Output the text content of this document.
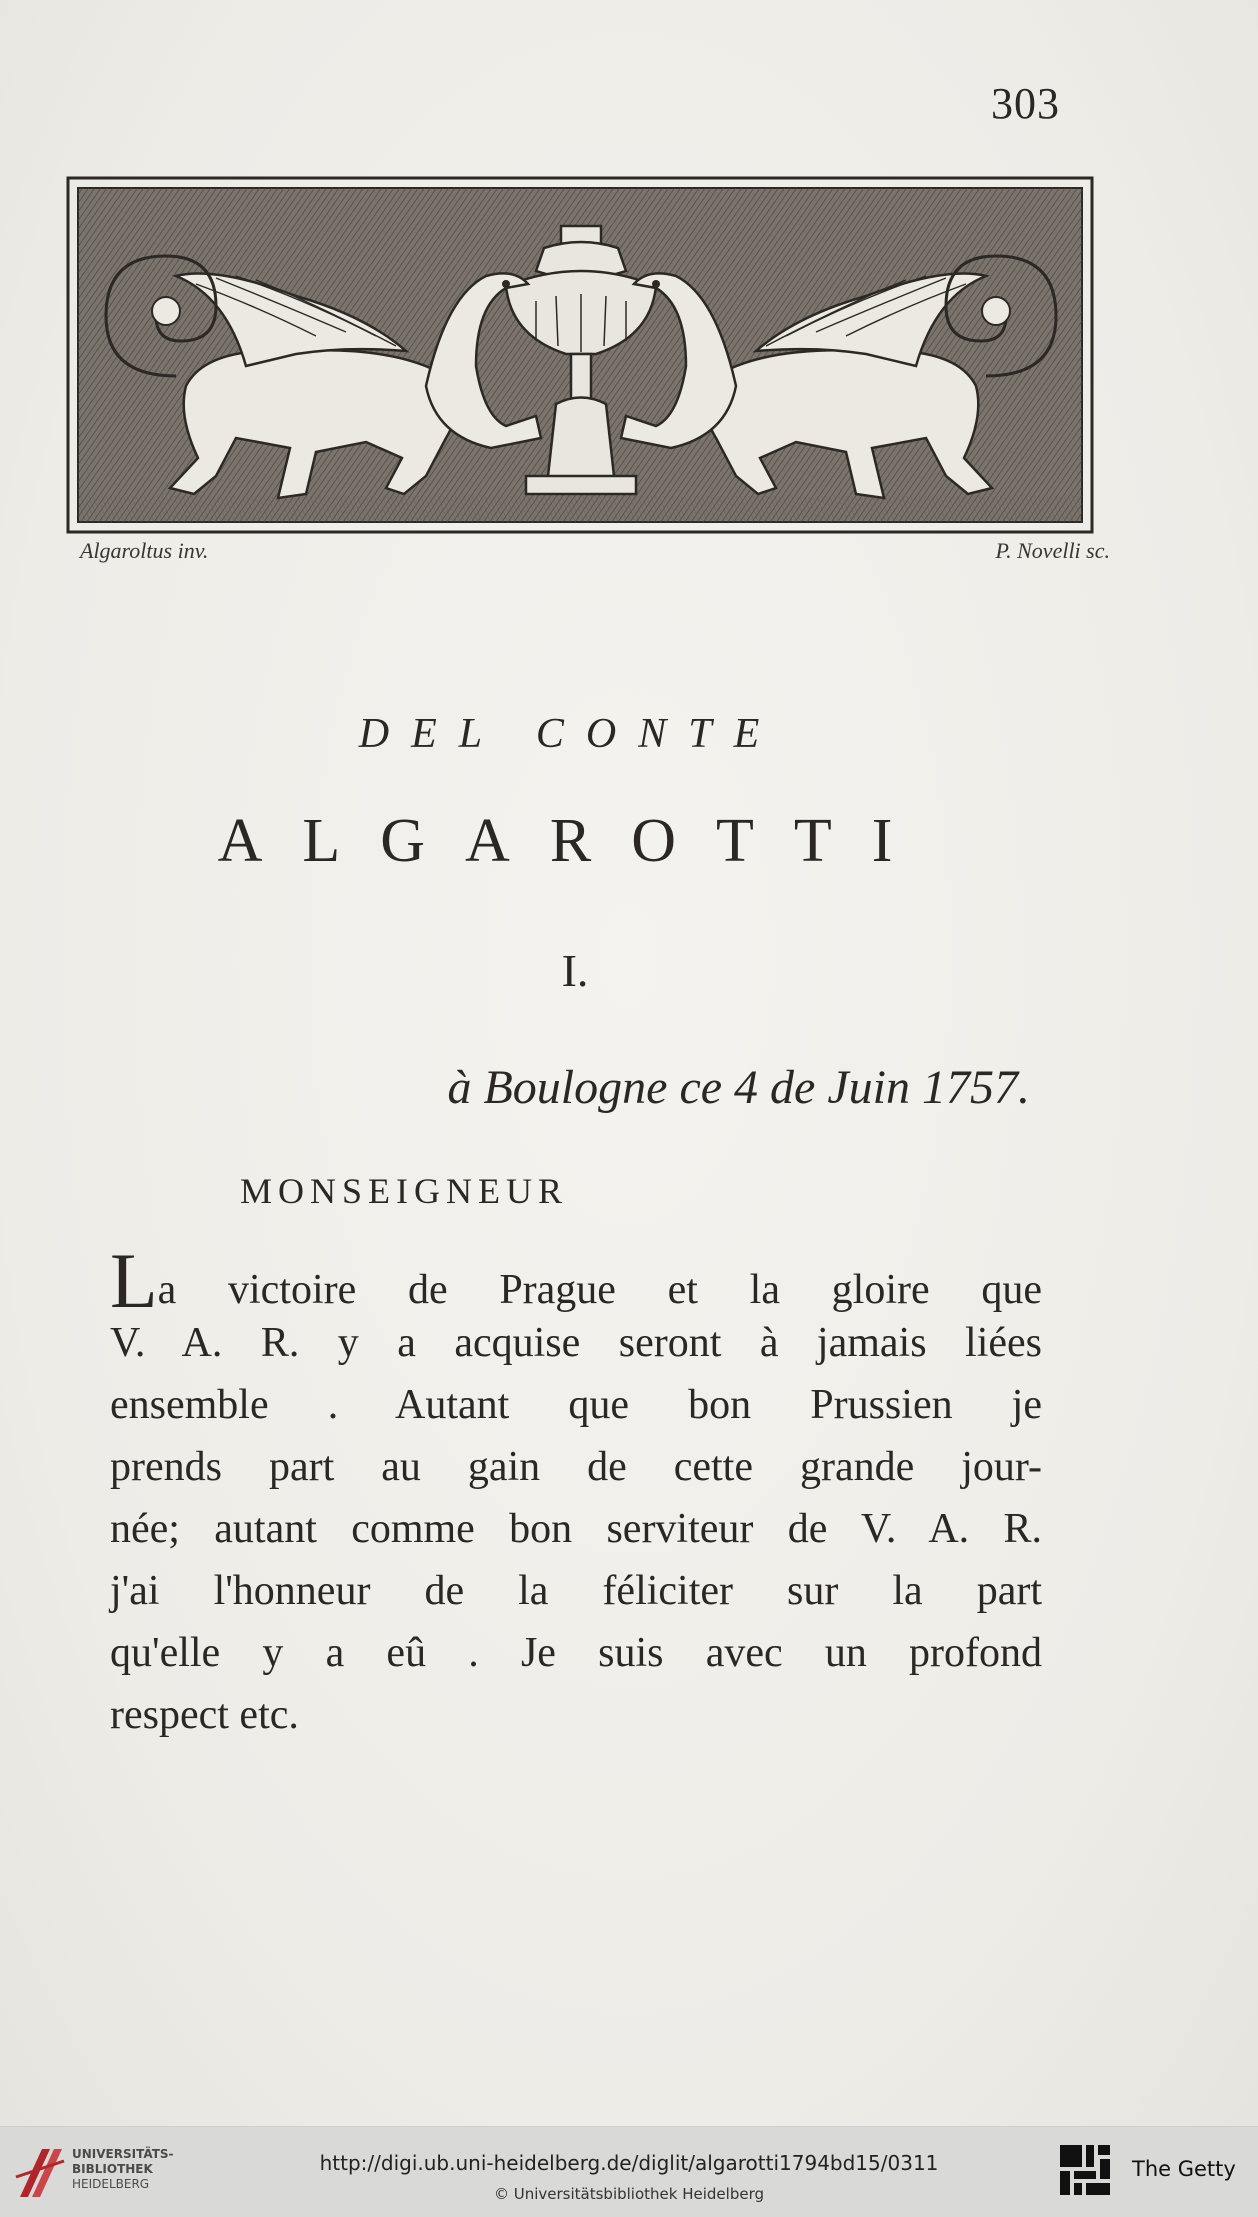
303
Algaroltus inv.	P. Novelli sc.
DEL CONTE
ALGAROTTI
I.
à Boulogne ce 4 de Juin 1757.
MONSEIGNEUR
La victoire de Prague et la gloire que
V. A. R. y a acquise seront à jamais liées
ensemble . Autant que bon Prussien je
prends part au gain de cette grande jour-
née; autant comme bon serviteur de V. A. R.
j'ai l'honneur de la féliciter sur la part
qu'elle y a eû . Je suis avec un profond
respect etc.
UNIVERSITÄTS-
BIBLIOTHEK
HEIDELBERG
http://digi.ub.uni-heidelberg.de/diglit/algarotti1794bd15/0311
© Universitätsbibliothek Heidelberg
The Getty
